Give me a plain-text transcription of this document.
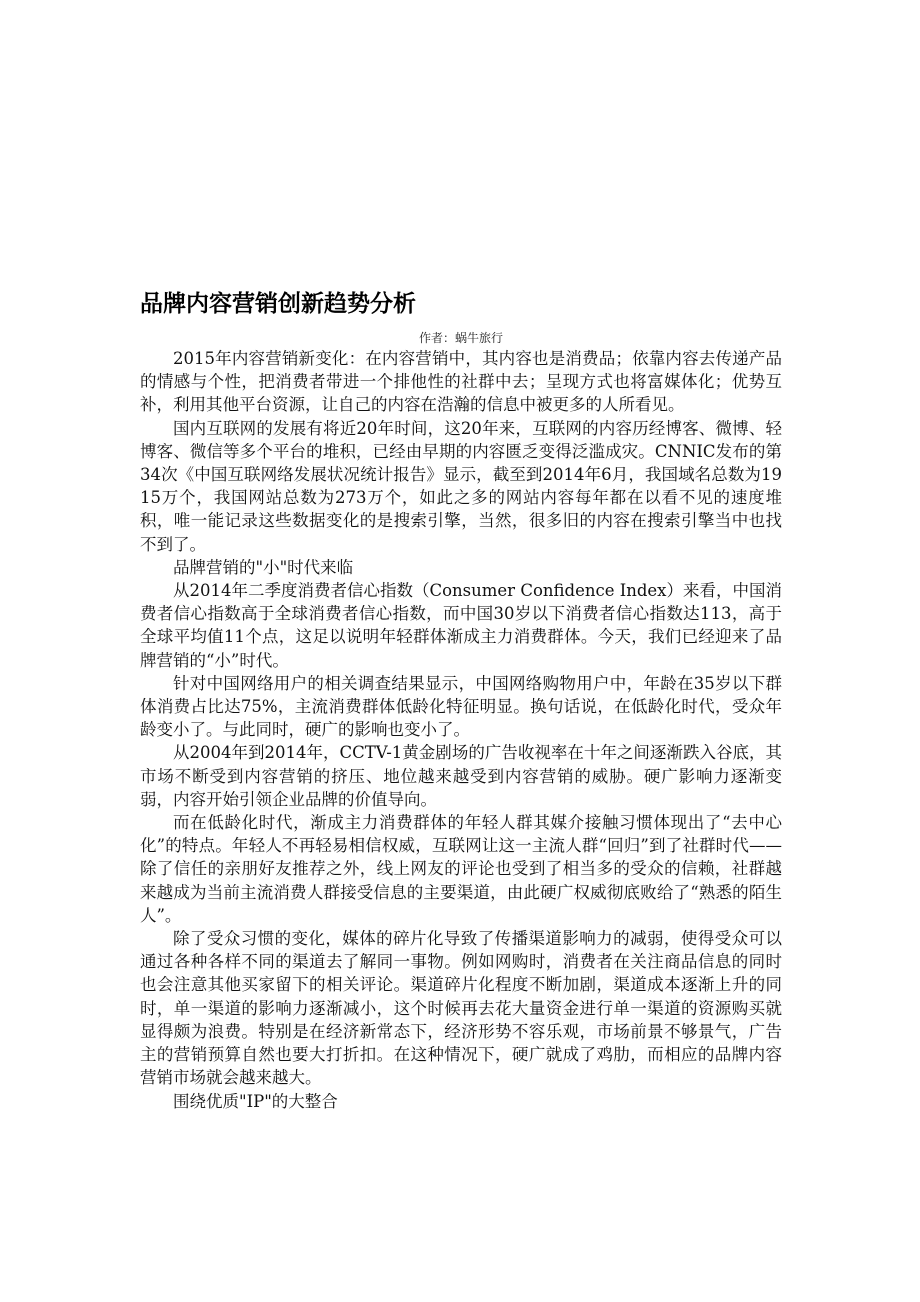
品牌内容营销创新趋势分析
作者：蜗牛旅行

2015年内容营销新变化：在内容营销中，其内容也是消费品；依靠内容去传递产品的情感与个性，把消费者带进一个排他性的社群中去；呈现方式也将富媒体化；优势互补，利用其他平台资源，让自己的内容在浩瀚的信息中被更多的人所看见。

国内互联网的发展有将近20年时间，这20年来，互联网的内容历经博客、微博、轻博客、微信等多个平台的堆积，已经由早期的内容匮乏变得泛滥成灾。CNNIC发布的第34次《中国互联网络发展状况统计报告》显示，截至到2014年6月，我国域名总数为1915万个，我国网站总数为273万个，如此之多的网站内容每年都在以看不见的速度堆积，唯一能记录这些数据变化的是搜索引擎，当然，很多旧的内容在搜索引擎当中也找不到了。

品牌营销的"小"时代来临

从2014年二季度消费者信心指数（Consumer Confidence Index）来看，中国消费者信心指数高于全球消费者信心指数，而中国30岁以下消费者信心指数达113，高于全球平均值11个点，这足以说明年轻群体渐成主力消费群体。今天，我们已经迎来了品牌营销的“小”时代。

针对中国网络用户的相关调查结果显示，中国网络购物用户中，年龄在35岁以下群体消费占比达75%，主流消费群体低龄化特征明显。换句话说，在低龄化时代，受众年龄变小了。与此同时，硬广的影响也变小了。

从2004年到2014年，CCTV-1黄金剧场的广告收视率在十年之间逐渐跌入谷底，其市场不断受到内容营销的挤压、地位越来越受到内容营销的威胁。硬广影响力逐渐变弱，内容开始引领企业品牌的价值导向。

而在低龄化时代，渐成主力消费群体的年轻人群其媒介接触习惯体现出了“去中心化”的特点。年轻人不再轻易相信权威，互联网让这一主流人群“回归”到了社群时代——除了信任的亲朋好友推荐之外，线上网友的评论也受到了相当多的受众的信赖，社群越来越成为当前主流消费人群接受信息的主要渠道，由此硬广权威彻底败给了“熟悉的陌生人”。

除了受众习惯的变化，媒体的碎片化导致了传播渠道影响力的减弱，使得受众可以通过各种各样不同的渠道去了解同一事物。例如网购时，消费者在关注商品信息的同时也会注意其他买家留下的相关评论。渠道碎片化程度不断加剧，渠道成本逐渐上升的同时，单一渠道的影响力逐渐减小，这个时候再去花大量资金进行单一渠道的资源购买就显得颇为浪费。特别是在经济新常态下，经济形势不容乐观，市场前景不够景气，广告主的营销预算自然也要大打折扣。在这种情况下，硬广就成了鸡肋，而相应的品牌内容营销市场就会越来越大。

围绕优质"IP"的大整合
